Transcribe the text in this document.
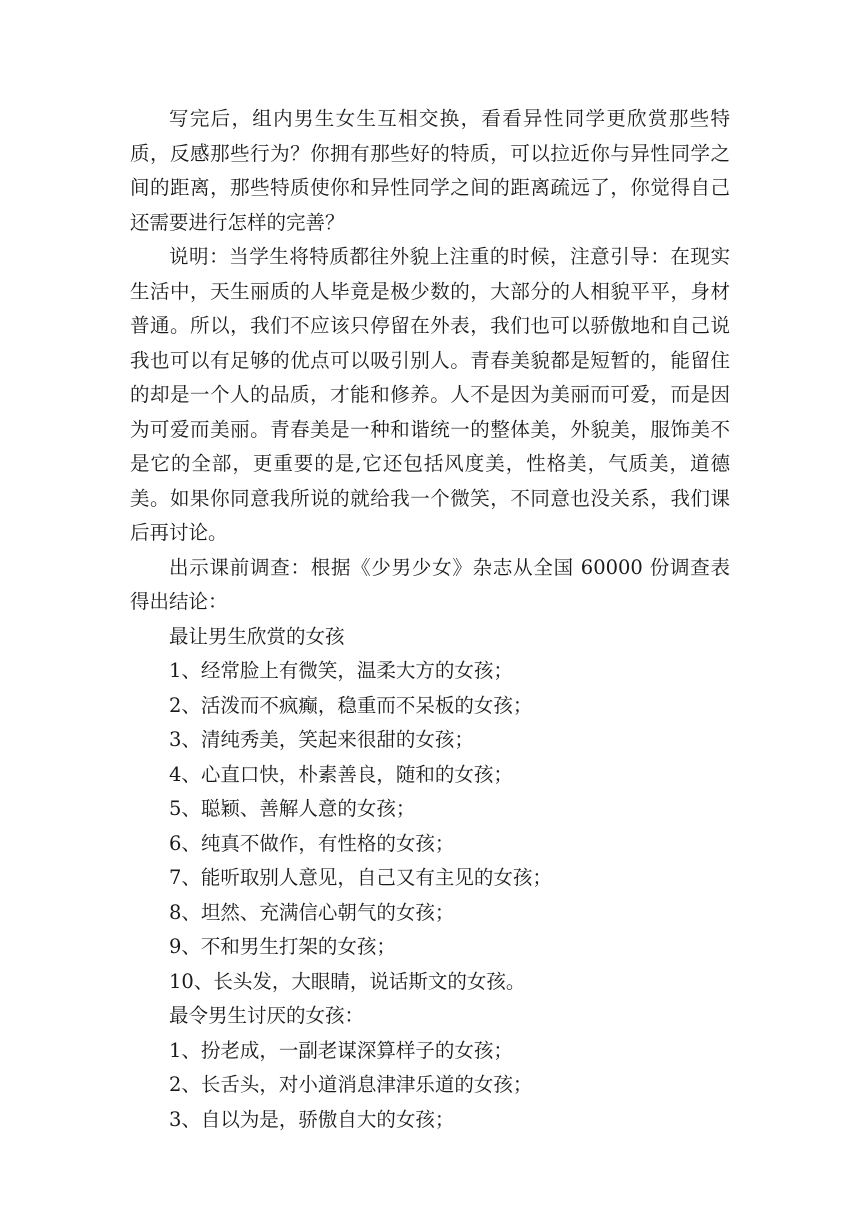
写完后，组内男生女生互相交换，看看异性同学更欣赏那些特质，反感那些行为？你拥有那些好的特质，可以拉近你与异性同学之间的距离，那些特质使你和异性同学之间的距离疏远了，你觉得自己还需要进行怎样的完善？

说明：当学生将特质都往外貌上注重的时候，注意引导：在现实生活中，天生丽质的人毕竟是极少数的，大部分的人相貌平平，身材普通。所以，我们不应该只停留在外表，我们也可以骄傲地和自己说我也可以有足够的优点可以吸引别人。青春美貌都是短暂的，能留住的却是一个人的品质，才能和修养。人不是因为美丽而可爱，而是因为可爱而美丽。青春美是一种和谐统一的整体美，外貌美，服饰美不是它的全部，更重要的是,它还包括风度美，性格美，气质美，道德美。如果你同意我所说的就给我一个微笑，不同意也没关系，我们课后再讨论。

出示课前调查：根据《少男少女》杂志从全国 60000 份调查表得出结论：

最让男生欣赏的女孩

1、经常脸上有微笑，温柔大方的女孩；
2、活泼而不疯癫，稳重而不呆板的女孩；
3、清纯秀美，笑起来很甜的女孩；
4、心直口快，朴素善良，随和的女孩；
5、聪颖、善解人意的女孩；
6、纯真不做作，有性格的女孩；
7、能听取别人意见，自己又有主见的女孩；
8、坦然、充满信心朝气的女孩；
9、不和男生打架的女孩；
10、长头发，大眼睛，说话斯文的女孩。

最令男生讨厌的女孩：

1、扮老成，一副老谋深算样子的女孩；
2、长舌头，对小道消息津津乐道的女孩；
3、自以为是，骄傲自大的女孩；
